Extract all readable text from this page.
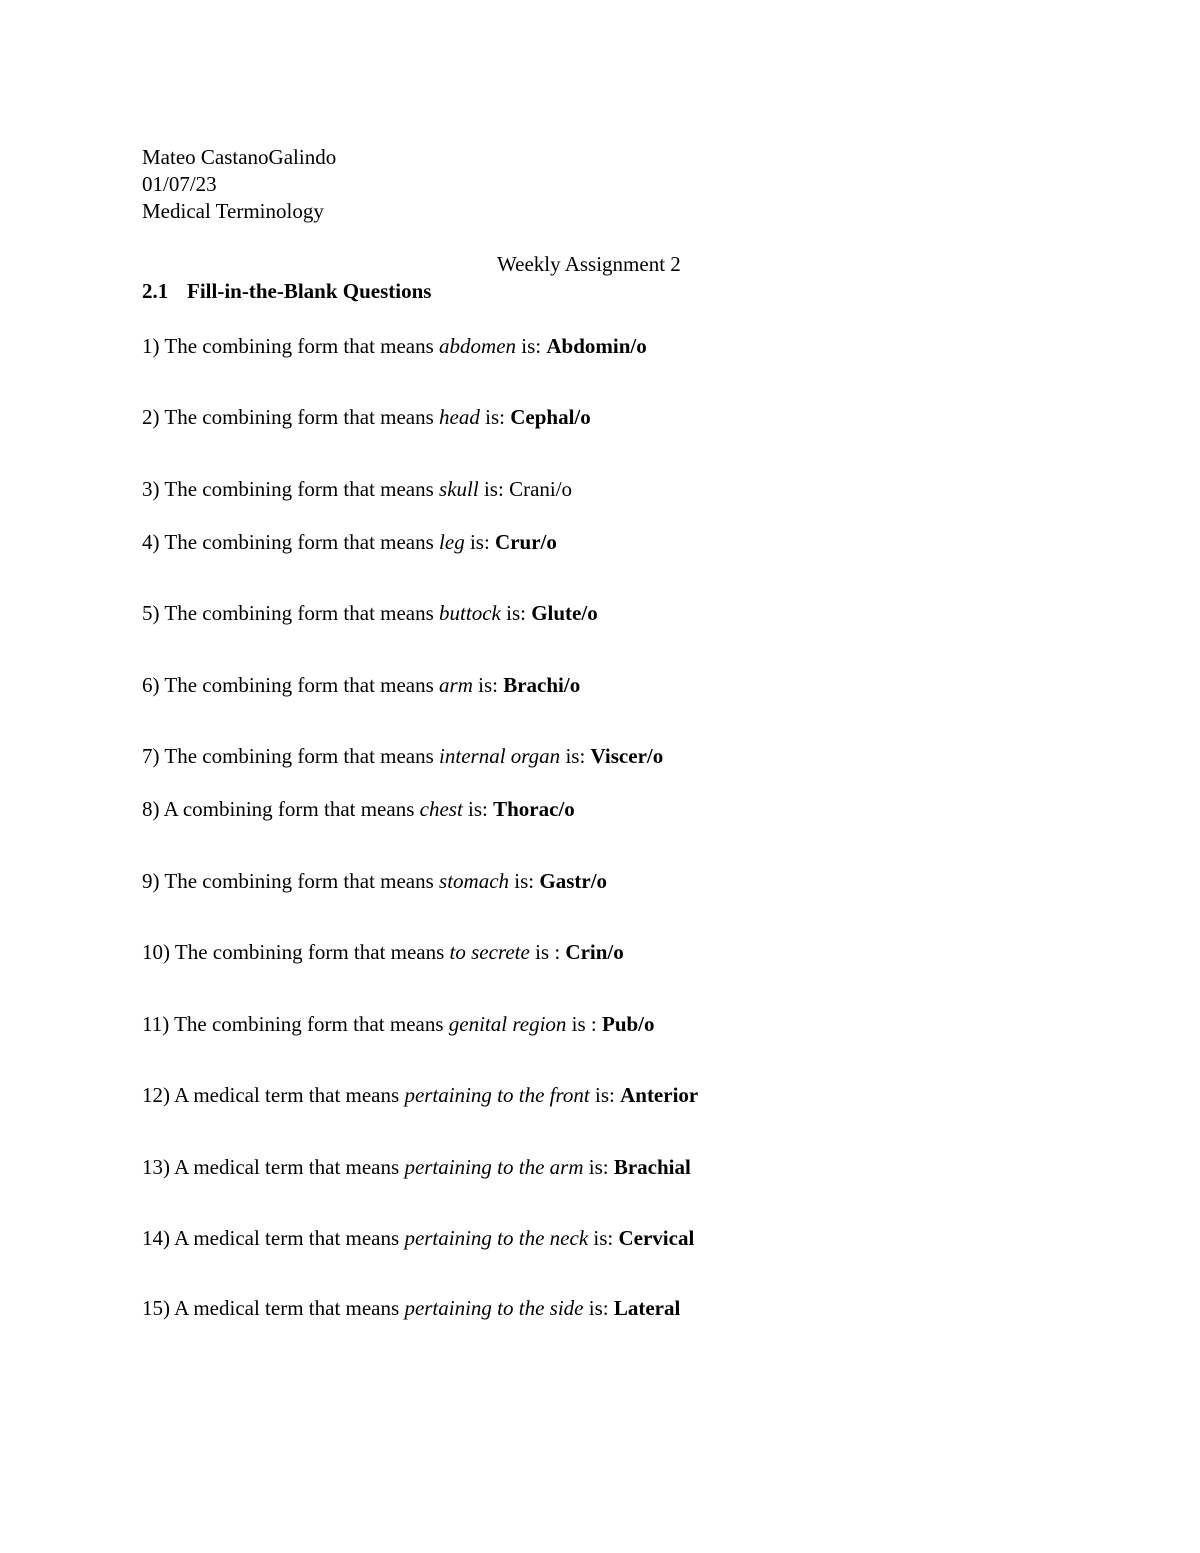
Mateo CastanoGalindo
01/07/23
Medical Terminology
Weekly Assignment 2
2.1 Fill-in-the-Blank Questions
1) The combining form that means abdomen is: Abdomin/o
2) The combining form that means head is: Cephal/o
3) The combining form that means skull is: Crani/o
4) The combining form that means leg is: Crur/o
5) The combining form that means buttock is: Glute/o
6) The combining form that means arm is: Brachi/o
7) The combining form that means internal organ is: Viscer/o
8) A combining form that means chest is: Thorac/o
9) The combining form that means stomach is: Gastr/o
10) The combining form that means to secrete is : Crin/o
11) The combining form that means genital region is : Pub/o
12) A medical term that means pertaining to the front is: Anterior
13) A medical term that means pertaining to the arm is: Brachial
14) A medical term that means pertaining to the neck is: Cervical
15) A medical term that means pertaining to the side is: Lateral
